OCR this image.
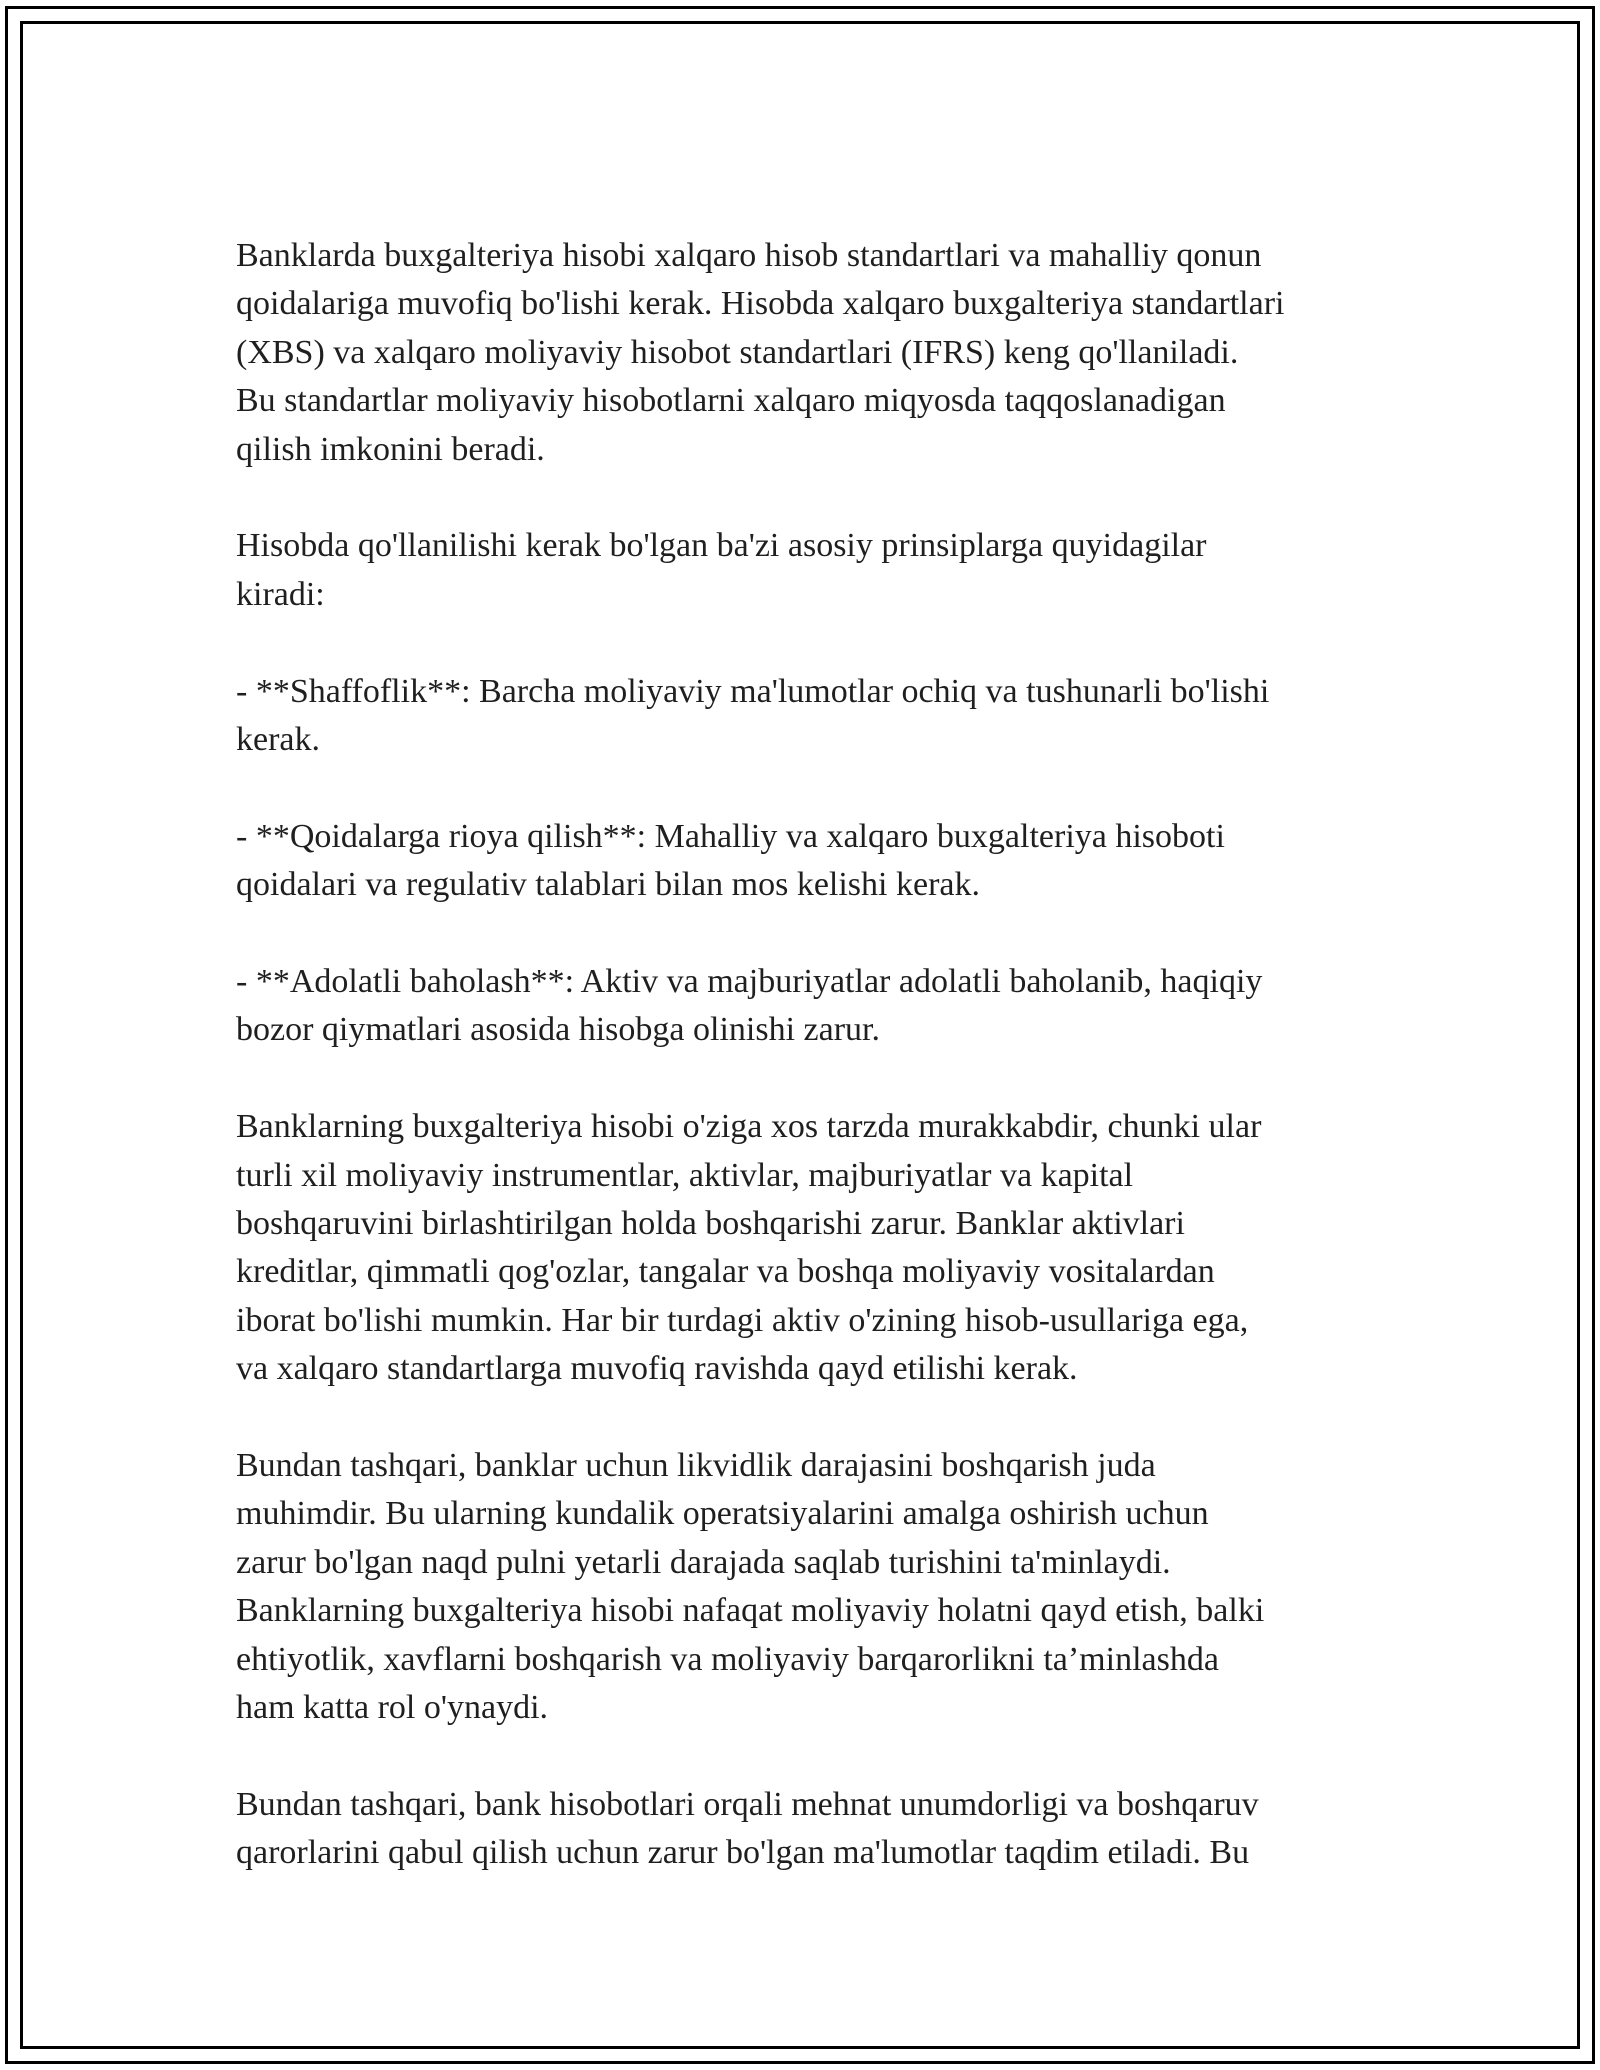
Banklarda buxgalteriya hisobi xalqaro hisob standartlari va mahalliy qonun
qoidalariga muvofiq bo'lishi kerak. Hisobda xalqaro buxgalteriya standartlari
(XBS) va xalqaro moliyaviy hisobot standartlari (IFRS) keng qo'llaniladi.
Bu standartlar moliyaviy hisobotlarni xalqaro miqyosda taqqoslanadigan
qilish imkonini beradi.

Hisobda qo'llanilishi kerak bo'lgan ba'zi asosiy prinsiplarga quyidagilar
kiradi:

- **Shaffoflik**: Barcha moliyaviy ma'lumotlar ochiq va tushunarli bo'lishi
kerak.

- **Qoidalarga rioya qilish**: Mahalliy va xalqaro buxgalteriya hisoboti
qoidalari va regulativ talablari bilan mos kelishi kerak.

- **Adolatli baholash**: Aktiv va majburiyatlar adolatli baholanib, haqiqiy
bozor qiymatlari asosida hisobga olinishi zarur.

Banklarning buxgalteriya hisobi o'ziga xos tarzda murakkabdir, chunki ular
turli xil moliyaviy instrumentlar, aktivlar, majburiyatlar va kapital
boshqaruvini birlashtirilgan holda boshqarishi zarur. Banklar aktivlari
kreditlar, qimmatli qog'ozlar, tangalar va boshqa moliyaviy vositalardan
iborat bo'lishi mumkin. Har bir turdagi aktiv o'zining hisob-usullariga ega,
va xalqaro standartlarga muvofiq ravishda qayd etilishi kerak.

Bundan tashqari, banklar uchun likvidlik darajasini boshqarish juda
muhimdir. Bu ularning kundalik operatsiyalarini amalga oshirish uchun
zarur bo'lgan naqd pulni yetarli darajada saqlab turishini ta'minlaydi.
Banklarning buxgalteriya hisobi nafaqat moliyaviy holatni qayd etish, balki
ehtiyotlik, xavflarni boshqarish va moliyaviy barqarorlikni ta’minlashda
ham katta rol o'ynaydi.

Bundan tashqari, bank hisobotlari orqali mehnat unumdorligi va boshqaruv
qarorlarini qabul qilish uchun zarur bo'lgan ma'lumotlar taqdim etiladi. Bu
